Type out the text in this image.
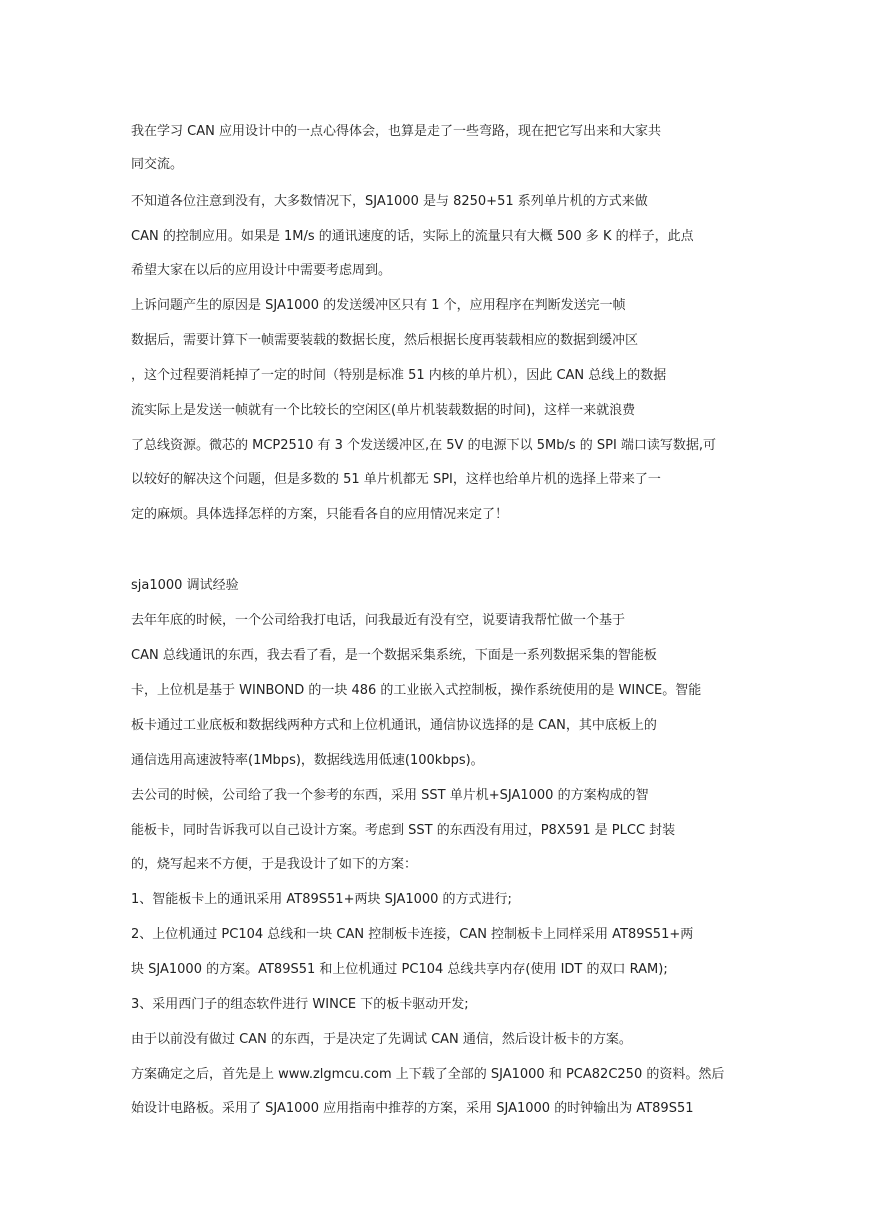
我在学习 CAN 应用设计中的一点心得体会，也算是走了一些弯路，现在把它写出来和大家共
同交流。
不知道各位注意到没有，大多数情况下，SJA1000 是与 8250+51 系列单片机的方式来做
CAN 的控制应用。如果是 1M/s 的通讯速度的话，实际上的流量只有大概 500 多 K 的样子，此点
希望大家在以后的应用设计中需要考虑周到。
上诉问题产生的原因是 SJA1000 的发送缓冲区只有 1 个，应用程序在判断发送完一帧
数据后，需要计算下一帧需要装载的数据长度，然后根据长度再装载相应的数据到缓冲区
，这个过程要消耗掉了一定的时间（特别是标准 51 内核的单片机），因此 CAN 总线上的数据
流实际上是发送一帧就有一个比较长的空闲区(单片机装载数据的时间)，这样一来就浪费
了总线资源。微芯的 MCP2510 有 3 个发送缓冲区,在 5V 的电源下以 5Mb/s 的 SPI 端口读写数据,可
以较好的解决这个问题，但是多数的 51 单片机都无 SPI，这样也给单片机的选择上带来了一
定的麻烦。具体选择怎样的方案，只能看各自的应用情况来定了！
sja1000 调试经验
去年年底的时候，一个公司给我打电话，问我最近有没有空，说要请我帮忙做一个基于
CAN 总线通讯的东西，我去看了看，是一个数据采集系统，下面是一系列数据采集的智能板
卡，上位机是基于 WINBOND 的一块 486 的工业嵌入式控制板，操作系统使用的是 WINCE。智能
板卡通过工业底板和数据线两种方式和上位机通讯，通信协议选择的是 CAN，其中底板上的
通信选用高速波特率(1Mbps)，数据线选用低速(100kbps)。
去公司的时候，公司给了我一个参考的东西，采用 SST 单片机+SJA1000 的方案构成的智
能板卡，同时告诉我可以自己设计方案。考虑到 SST 的东西没有用过，P8X591 是 PLCC 封装
的，烧写起来不方便，于是我设计了如下的方案：
1、智能板卡上的通讯采用 AT89S51+两块 SJA1000 的方式进行;
2、上位机通过 PC104 总线和一块 CAN 控制板卡连接，CAN 控制板卡上同样采用 AT89S51+两
块 SJA1000 的方案。AT89S51 和上位机通过 PC104 总线共享内存(使用 IDT 的双口 RAM);
3、采用西门子的组态软件进行 WINCE 下的板卡驱动开发;
由于以前没有做过 CAN 的东西，于是决定了先调试 CAN 通信，然后设计板卡的方案。
方案确定之后，首先是上 www.zlgmcu.com 上下载了全部的 SJA1000 和 PCA82C250 的资料。然后
始设计电路板。采用了 SJA1000 应用指南中推荐的方案，采用 SJA1000 的时钟输出为 AT89S51
